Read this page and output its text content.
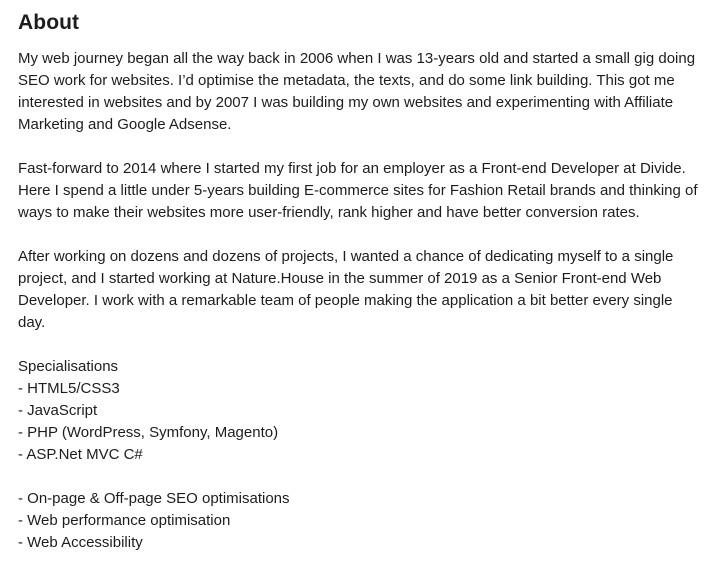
About

My web journey began all the way back in 2006 when I was 13-years old and started a small gig doing SEO work for websites. I’d optimise the metadata, the texts, and do some link building. This got me interested in websites and by 2007 I was building my own websites and experimenting with Affiliate Marketing and Google Adsense.

Fast-forward to 2014 where I started my first job for an employer as a Front-end Developer at Divide. Here I spend a little under 5-years building E-commerce sites for Fashion Retail brands and thinking of ways to make their websites more user-friendly, rank higher and have better conversion rates.

After working on dozens and dozens of projects, I wanted a chance of dedicating myself to a single project, and I started working at Nature.House in the summer of 2019 as a Senior Front-end Web Developer. I work with a remarkable team of people making the application a bit better every single day.

Specialisations
- HTML5/CSS3
- JavaScript
- PHP (WordPress, Symfony, Magento)
- ASP.Net MVC C#
- On-page & Off-page SEO optimisations
- Web performance optimisation
- Web Accessibility
